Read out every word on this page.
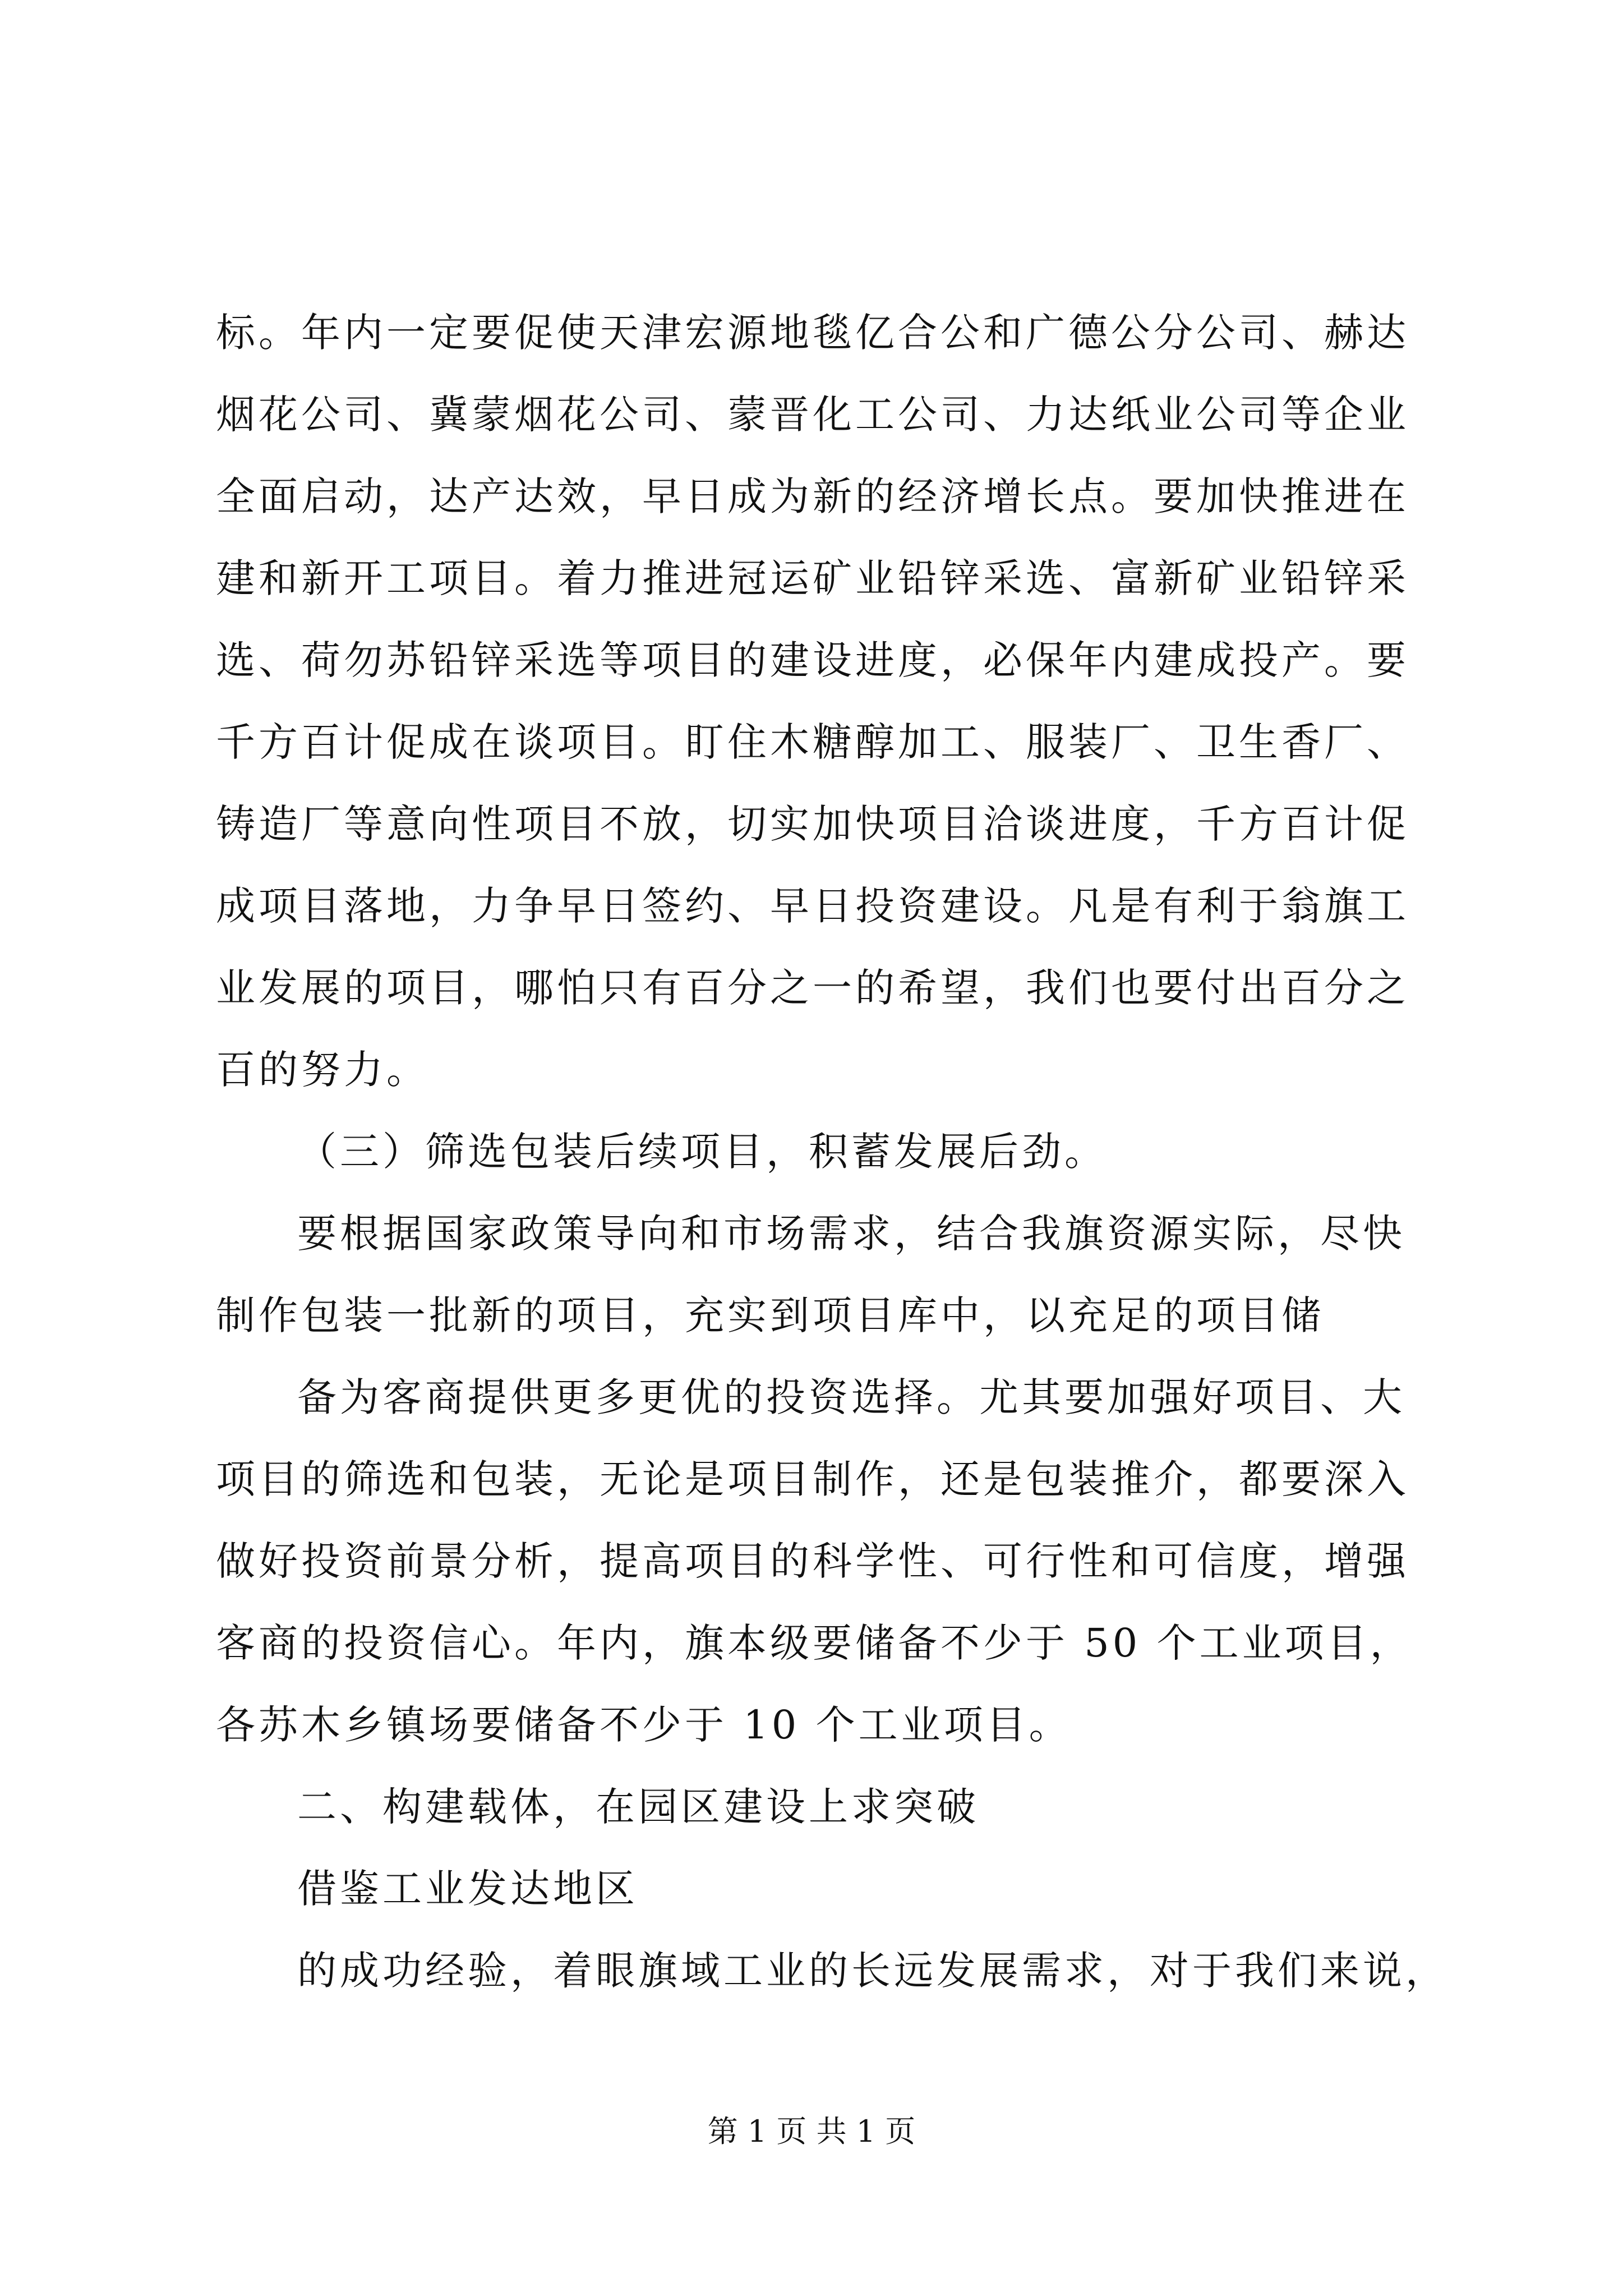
标。年内一定要促使天津宏源地毯亿合公和广德公分公司、赫达
烟花公司、冀蒙烟花公司、蒙晋化工公司、力达纸业公司等企业
全面启动，达产达效，早日成为新的经济增长点。要加快推进在
建和新开工项目。着力推进冠运矿业铅锌采选、富新矿业铅锌采
选、荷勿苏铅锌采选等项目的建设进度，必保年内建成投产。要
千方百计促成在谈项目。盯住木糖醇加工、服装厂、卫生香厂、
铸造厂等意向性项目不放，切实加快项目洽谈进度，千方百计促
成项目落地，力争早日签约、早日投资建设。凡是有利于翁旗工
业发展的项目，哪怕只有百分之一的希望，我们也要付出百分之
百的努力。
（三）筛选包装后续项目，积蓄发展后劲。
要根据国家政策导向和市场需求，结合我旗资源实际，尽快
制作包装一批新的项目，充实到项目库中，以充足的项目储
备为客商提供更多更优的投资选择。尤其要加强好项目、大
项目的筛选和包装，无论是项目制作，还是包装推介，都要深入
做好投资前景分析，提高项目的科学性、可行性和可信度，增强
客商的投资信心。年内，旗本级要储备不少于 50 个工业项目，
各苏木乡镇场要储备不少于 10 个工业项目。
二、构建载体，在园区建设上求突破
借鉴工业发达地区
的成功经验，着眼旗域工业的长远发展需求，对于我们来说，
第 1 页 共 1 页
